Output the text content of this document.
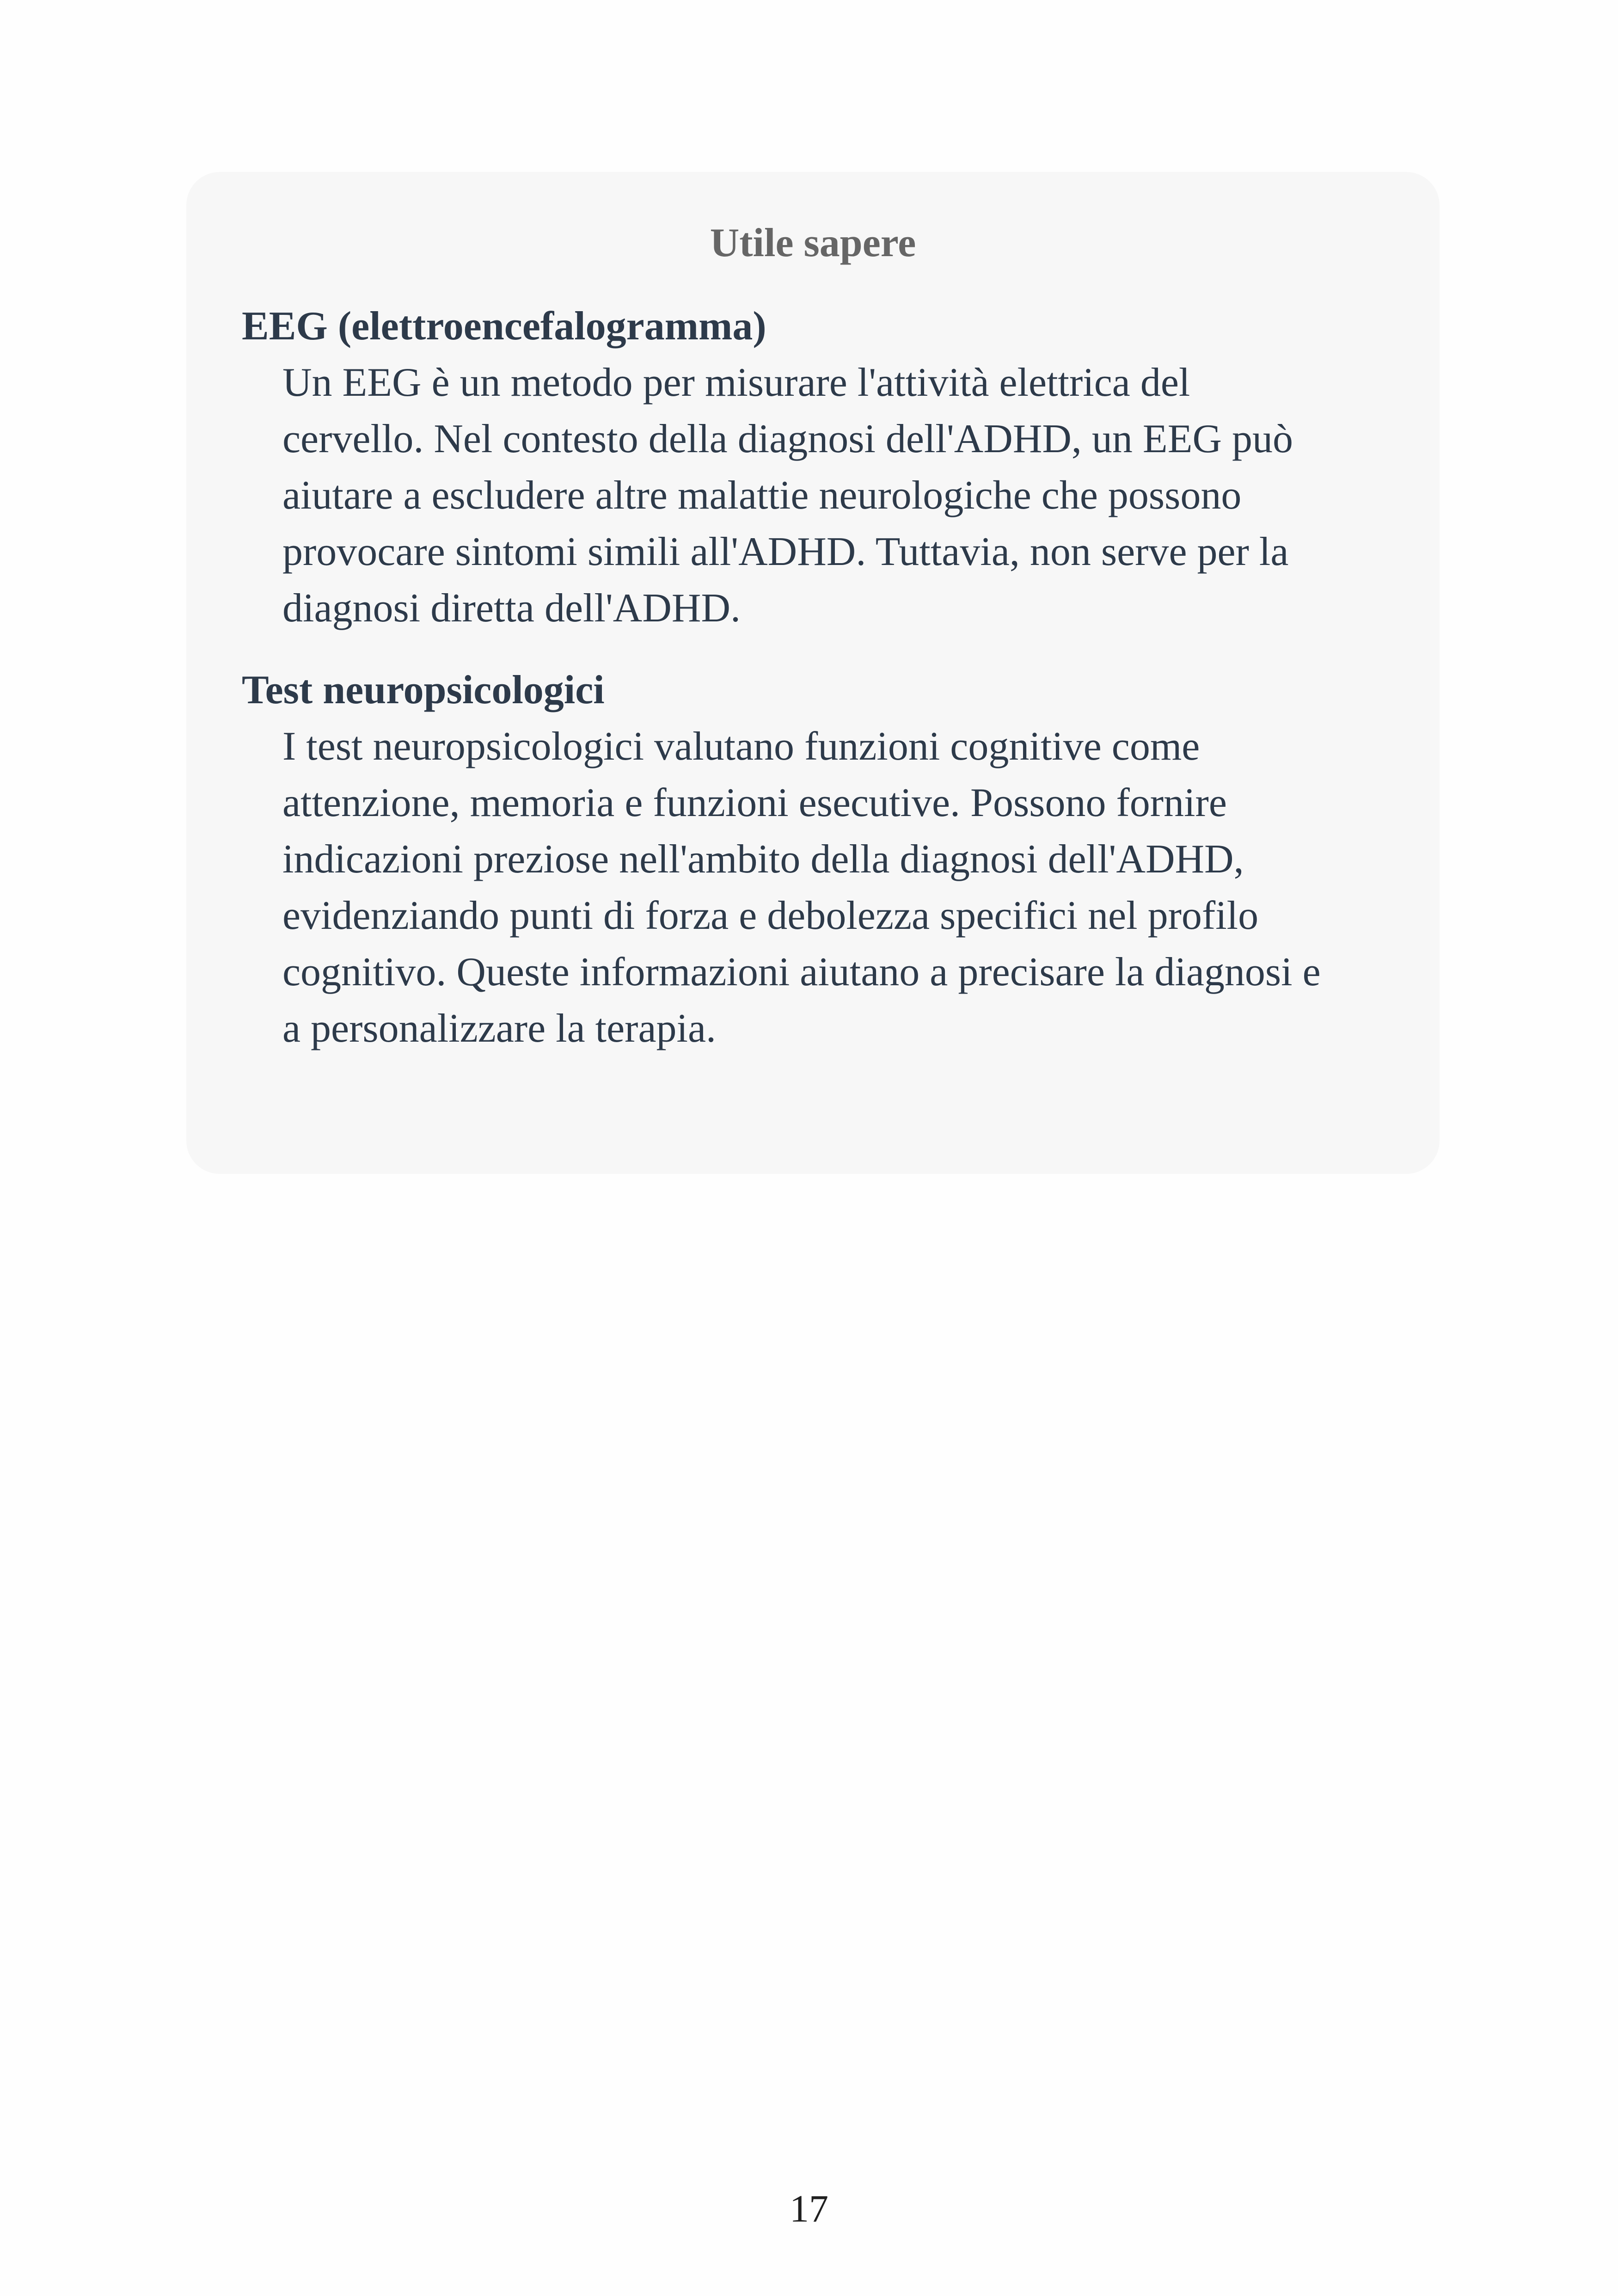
Utile sapere
EEG (elettroencefalogramma)
Un EEG è un metodo per misurare l'attività elettrica del
cervello. Nel contesto della diagnosi dell'ADHD, un EEG può
aiutare a escludere altre malattie neurologiche che possono
provocare sintomi simili all'ADHD. Tuttavia, non serve per la
diagnosi diretta dell'ADHD.
Test neuropsicologici
I test neuropsicologici valutano funzioni cognitive come
attenzione, memoria e funzioni esecutive. Possono fornire
indicazioni preziose nell'ambito della diagnosi dell'ADHD,
evidenziando punti di forza e debolezza specifici nel profilo
cognitivo. Queste informazioni aiutano a precisare la diagnosi e
a personalizzare la terapia.
17
